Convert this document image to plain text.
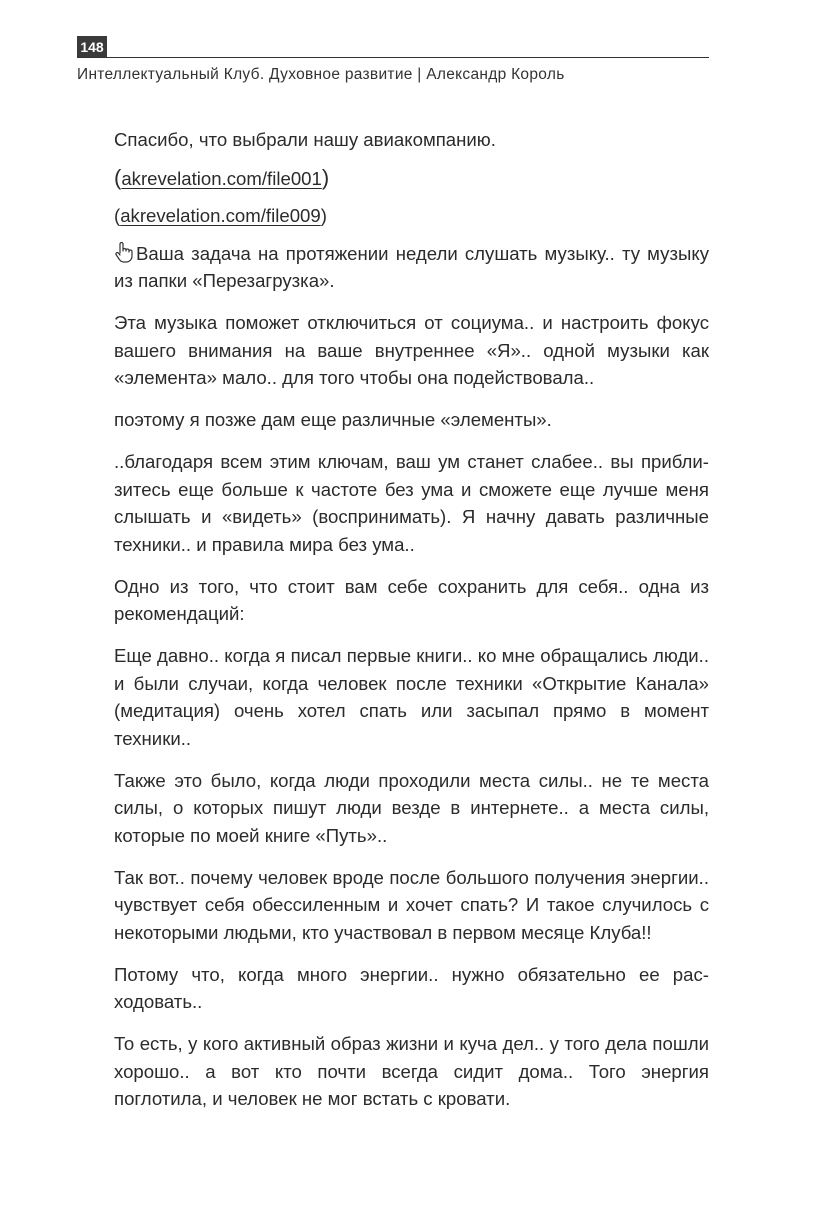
148
Интеллектуальный Клуб. Духовное развитие | Александр Король

Спасибо, что выбрали нашу авиакомпанию.

(akrevelation.com/file001)

(akrevelation.com/file009)

Ваша задача на протяжении недели слушать музыку.. ту музыку из папки «Перезагрузка».

Эта музыка поможет отключиться от социума.. и настроить фокус вашего внимания на ваше внутреннее «Я».. одной музыки как «элемента» мало.. для того чтобы она подействовала..

поэтому я позже дам еще различные «элементы».

..благодаря всем этим ключам, ваш ум станет слабее.. вы приблизитесь еще больше к частоте без ума и сможете еще лучше меня слышать и «видеть» (воспринимать). Я начну давать различные техники.. и правила мира без ума..

Одно из того, что стоит вам себе сохранить для себя.. одна из рекомендаций:

Еще давно.. когда я писал первые книги.. ко мне обращались люди.. и были случаи, когда человек после техники «Открытие Канала» (медитация) очень хотел спать или засыпал прямо в момент техники..

Также это было, когда люди проходили места силы.. не те места силы, о которых пишут люди везде в интернете.. а места силы, которые по моей книге «Путь»..

Так вот.. почему человек вроде после большого получения энергии.. чувствует себя обессиленным и хочет спать? И такое случилось с некоторыми людьми, кто участвовал в первом месяце Клуба!!

Потому что, когда много энергии.. нужно обязательно ее расходовать..

То есть, у кого активный образ жизни и куча дел.. у того дела пошли хорошо.. а вот кто почти всегда сидит дома.. Того энергия поглотила, и человек не мог встать с кровати.
